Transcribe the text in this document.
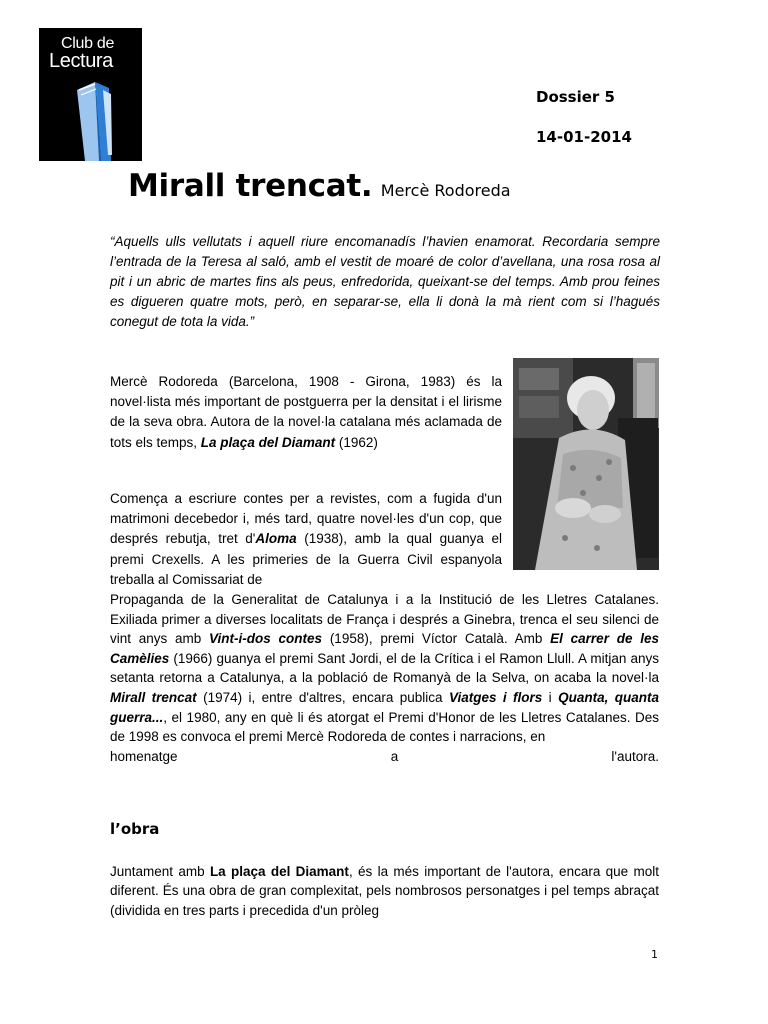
Club de
Lectura
Dossier 5
14-01-2014
Mirall trencat. Mercè Rodoreda
“Aquells ulls vellutats i aquell riure encomanadís l’havien enamorat. Recordaria sempre l’entrada de la Teresa al saló, amb el vestit de moaré de color d’avellana, una rosa rosa al pit i un abric de martes fins als peus, enfredorida, queixant-se del temps. Amb prou feines es digueren quatre mots, però, en separar-se, ella li donà la mà rient com si l’hagués conegut de tota la vida.”
Mercè Rodoreda (Barcelona, 1908 - Girona, 1983) és la novel·lista més important de postguerra per la densitat i el lirisme de la seva obra. Autora de la novel·la catalana més aclamada de tots els temps, La plaça del Diamant (1962)
Comença a escriure contes per a revistes, com a fugida d'un matrimoni decebedor i, més tard, quatre novel·les d'un cop, que després rebutja, tret d'Aloma (1938), amb la qual guanya el premi Crexells. A les primeries de la Guerra Civil espanyola treballa al Comissariat de
Propaganda de la Generalitat de Catalunya i a la Institució de les Lletres Catalanes. Exiliada primer a diverses localitats de França i després a Ginebra, trenca el seu silenci de vint anys amb Vint-i-dos contes (1958), premi Víctor Català. Amb El carrer de les Camèlies (1966) guanya el premi Sant Jordi, el de la Crítica i el Ramon Llull. A mitjan anys setanta retorna a Catalunya, a la població de Romanyà de la Selva, on acaba la novel·la Mirall trencat (1974) i, entre d'altres, encara publica Viatges i flors i Quanta, quanta guerra..., el 1980, any en què li és atorgat el Premi d'Honor de les Lletres Catalanes. Des de 1998 es convoca el premi Mercè Rodoreda de contes i narracions, en
homenatge	a	l'autora.
l’obra
Juntament amb La plaça del Diamant, és la més important de l'autora, encara que molt diferent. És una obra de gran complexitat, pels nombrosos personatges i pel temps abraçat (dividida en tres parts i precedida d'un pròleg
1
